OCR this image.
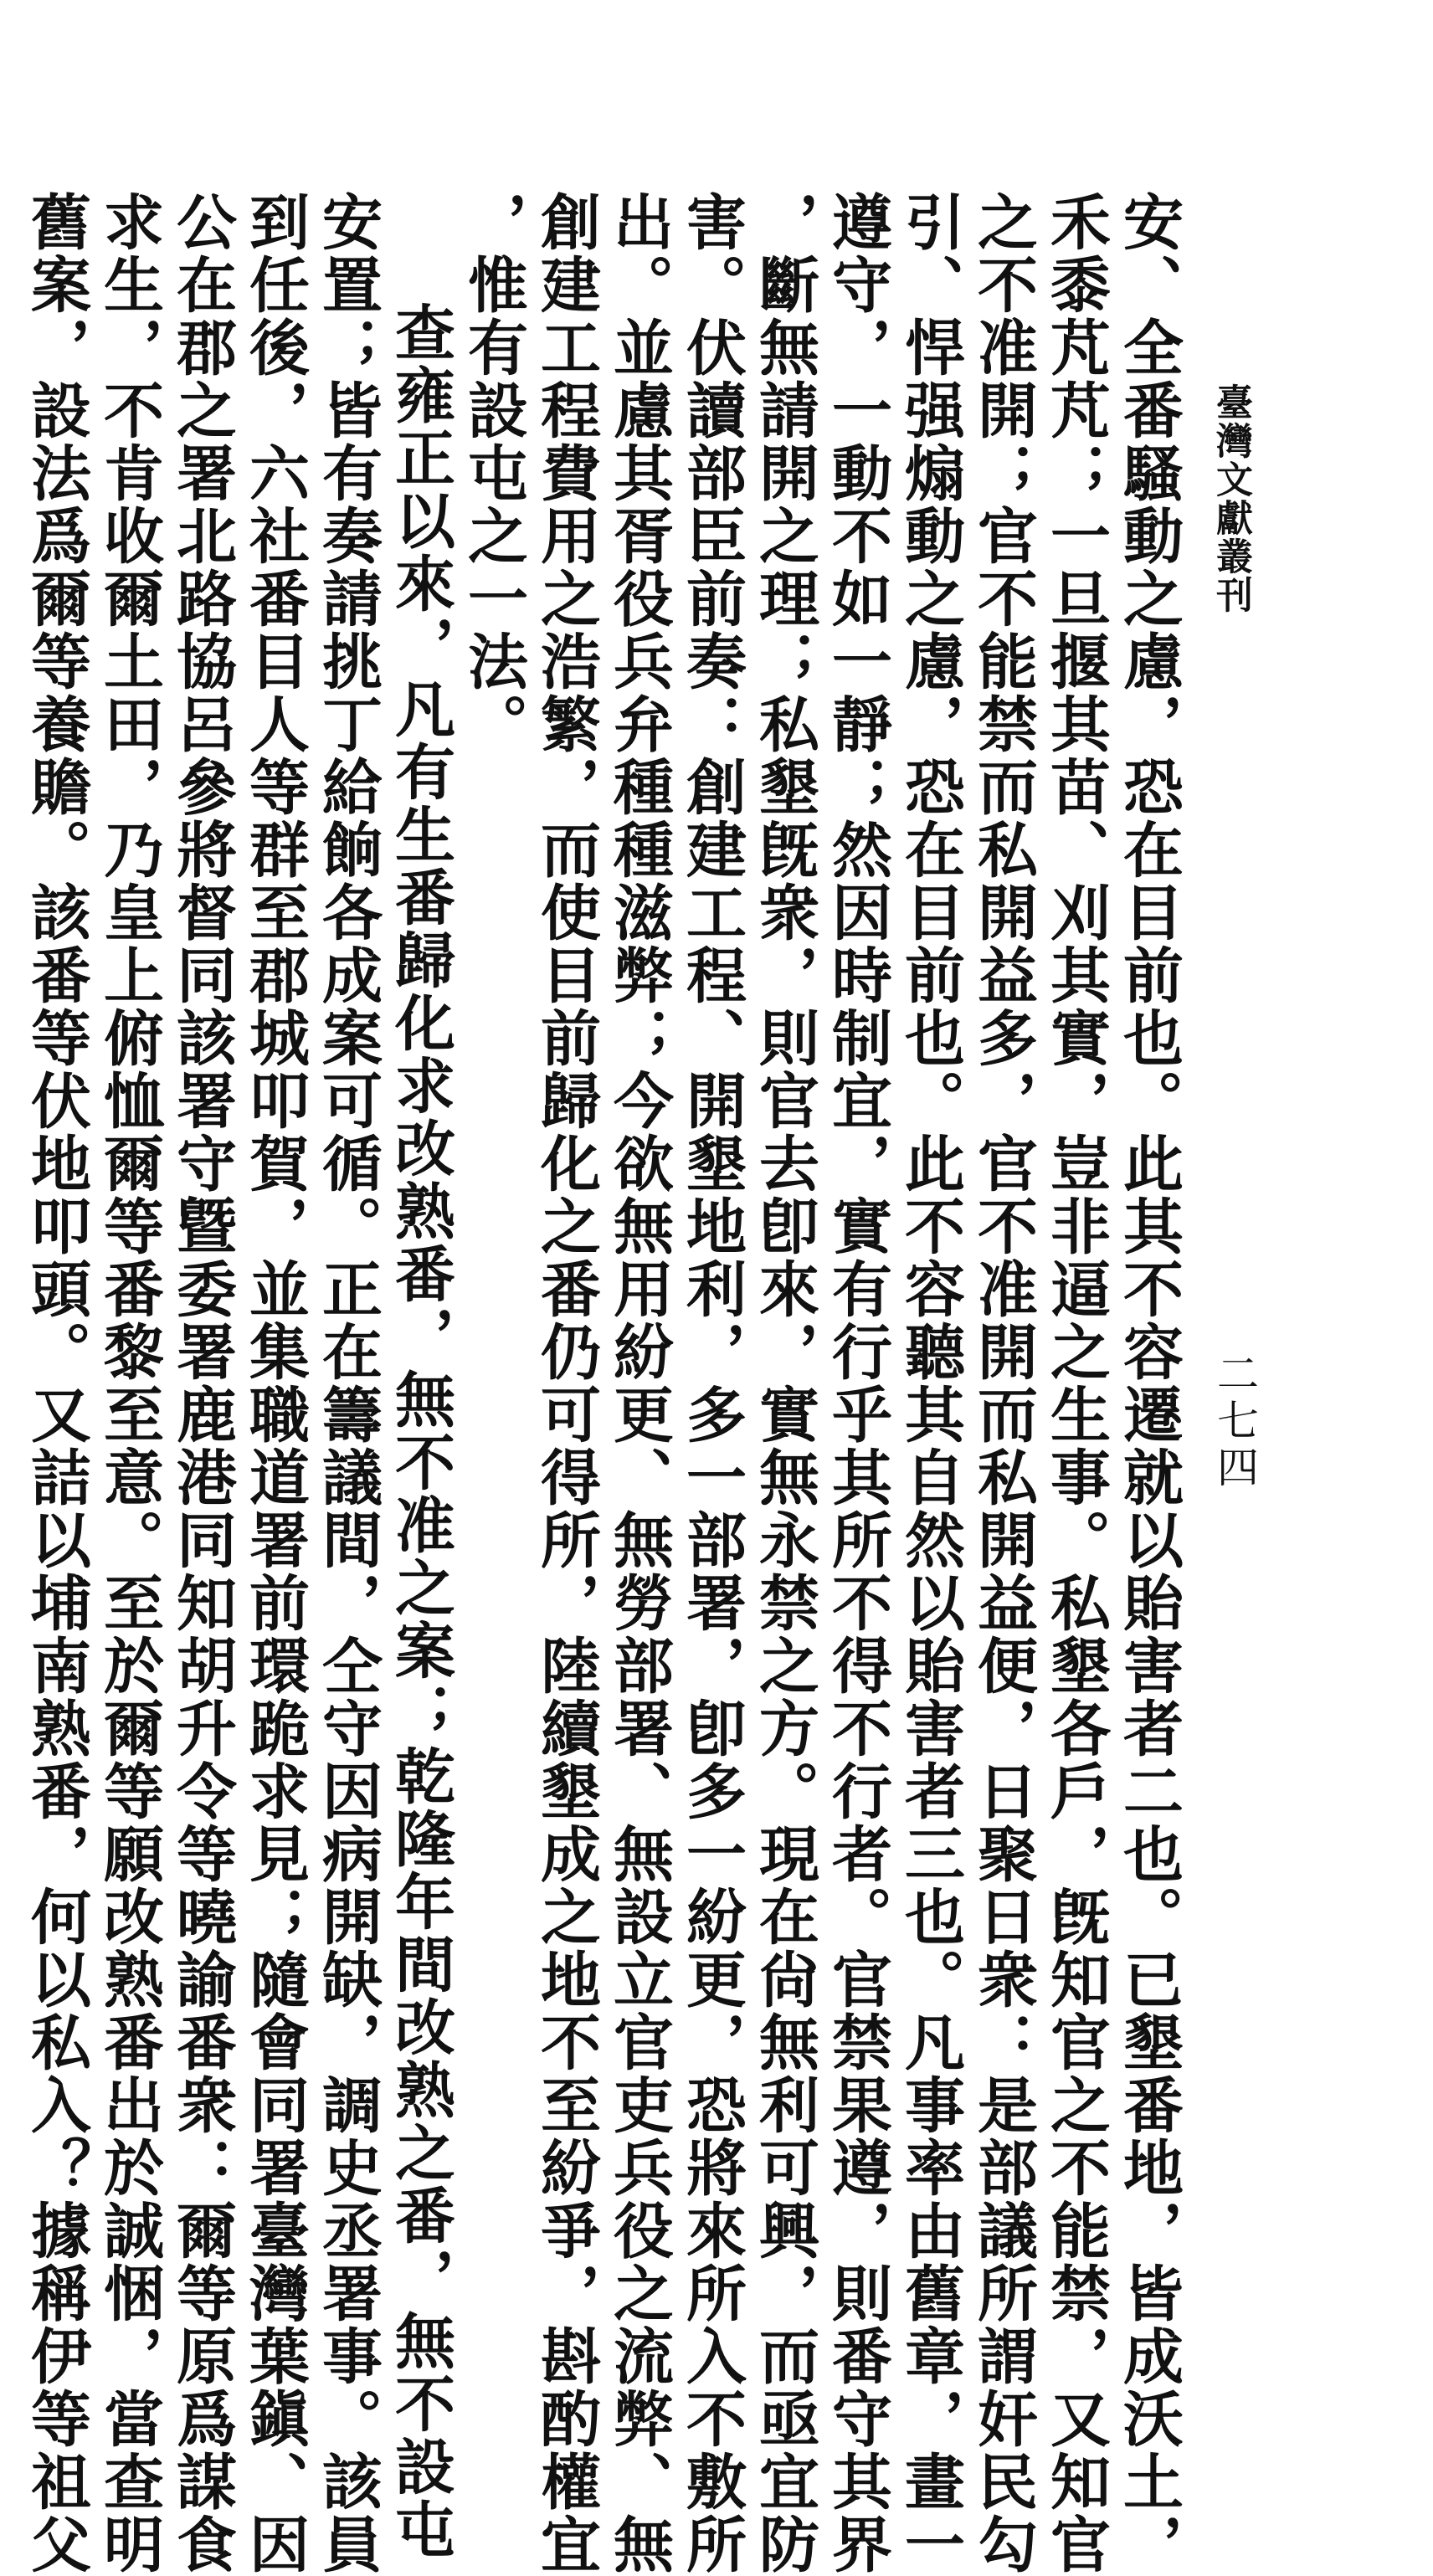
臺灣文獻叢刊
二七四
安、全番騷動之慮，恐在目前也。此其不容遷就以貽害者二也。已墾番地，皆成沃土，
禾黍芃芃；一旦揠其苗、刈其實，豈非逼之生事。私墾各戶，旣知官之不能禁，又知官
之不准開；官不能禁而私開益多，官不准開而私開益便，日聚日衆：是部議所謂奸民勾
引、悍强煽動之慮，恐在目前也。此不容聽其自然以貽害者三也。凡事率由舊章，畫一
遵守，一動不如一靜；然因時制宜，實有行乎其所不得不行者。官禁果遵，則番守其界
，斷無請開之理；私墾旣衆，則官去卽來，實無永禁之方。現在尙無利可興，而亟宜防
害。伏讀部臣前奏：創建工程、開墾地利，多一部署，卽多一紛更，恐將來所入不敷所
出。並慮其胥役兵弁種種滋弊；今欲無用紛更、無勞部署、無設立官吏兵役之流弊、無
創建工程費用之浩繁，而使目前歸化之番仍可得所，陸續墾成之地不至紛爭，斟酌權宜
，惟有設屯之一法。
查雍正以來，凡有生番歸化求改熟番，無不准之案；乾隆年間改熟之番，無不設屯
安置；皆有奏請挑丁給餉各成案可循。正在籌議間，仝守因病開缺，調史丞署事。該員
到任後，六社番目人等群至郡城叩賀，並集職道署前環跪求見；隨會同署臺灣葉鎭、因
公在郡之署北路協呂參將督同該署守曁委署鹿港同知胡升令等曉諭番衆：爾等原爲謀食
求生，不肯收爾土田，乃皇上俯恤爾等番黎至意。至於爾等願改熟番出於誠悃，當查明
舊案，設法爲爾等養贍。該番等伏地叩頭。又詰以埔南熟番，何以私入？據稱伊等祖父
